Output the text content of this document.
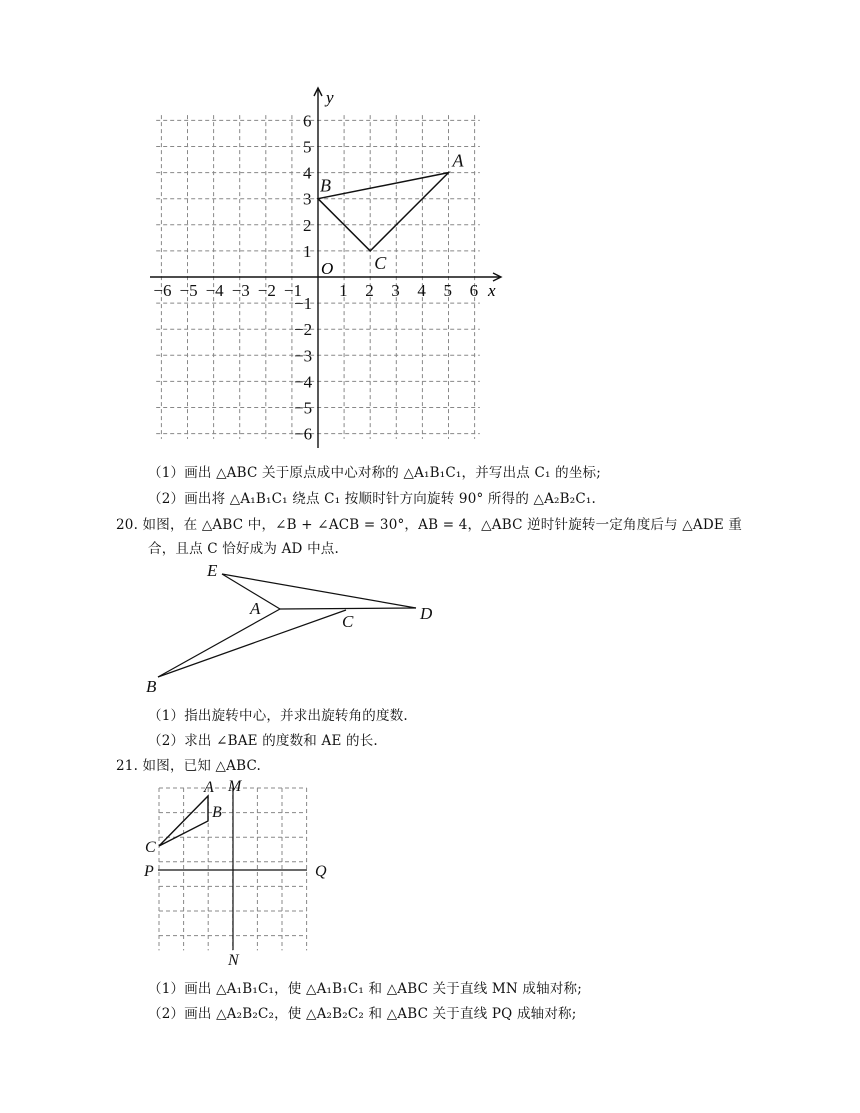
−6 −5 −4 −3 −2 −1 1 2 3 4 5 6
6
5
4
3
2
1
−1
−2
−3
−4
−5
−6
x
y
O
A
B
C
（1）画出 △ABC 关于原点成中心对称的 △A₁B₁C₁，并写出点 C₁ 的坐标;
（2）画出将 △A₁B₁C₁ 绕点 C₁ 按顺时针方向旋转 90° 所得的 △A₂B₂C₁.
20. 如图，在 △ABC 中，∠B + ∠ACB = 30°，AB = 4，△ABC 逆时针旋转一定角度后与 △ADE 重
合，且点 C 恰好成为 AD 中点.
E
A
C	D
B
（1）指出旋转中心，并求出旋转角的度数.
（2）求出 ∠BAE 的度数和 AE 的长.
21. 如图，已知 △ABC.
A
B
C
M
N
P	Q
（1）画出 △A₁B₁C₁，使 △A₁B₁C₁ 和 △ABC 关于直线 MN 成轴对称;
（2）画出 △A₂B₂C₂，使 △A₂B₂C₂ 和 △ABC 关于直线 PQ 成轴对称;
